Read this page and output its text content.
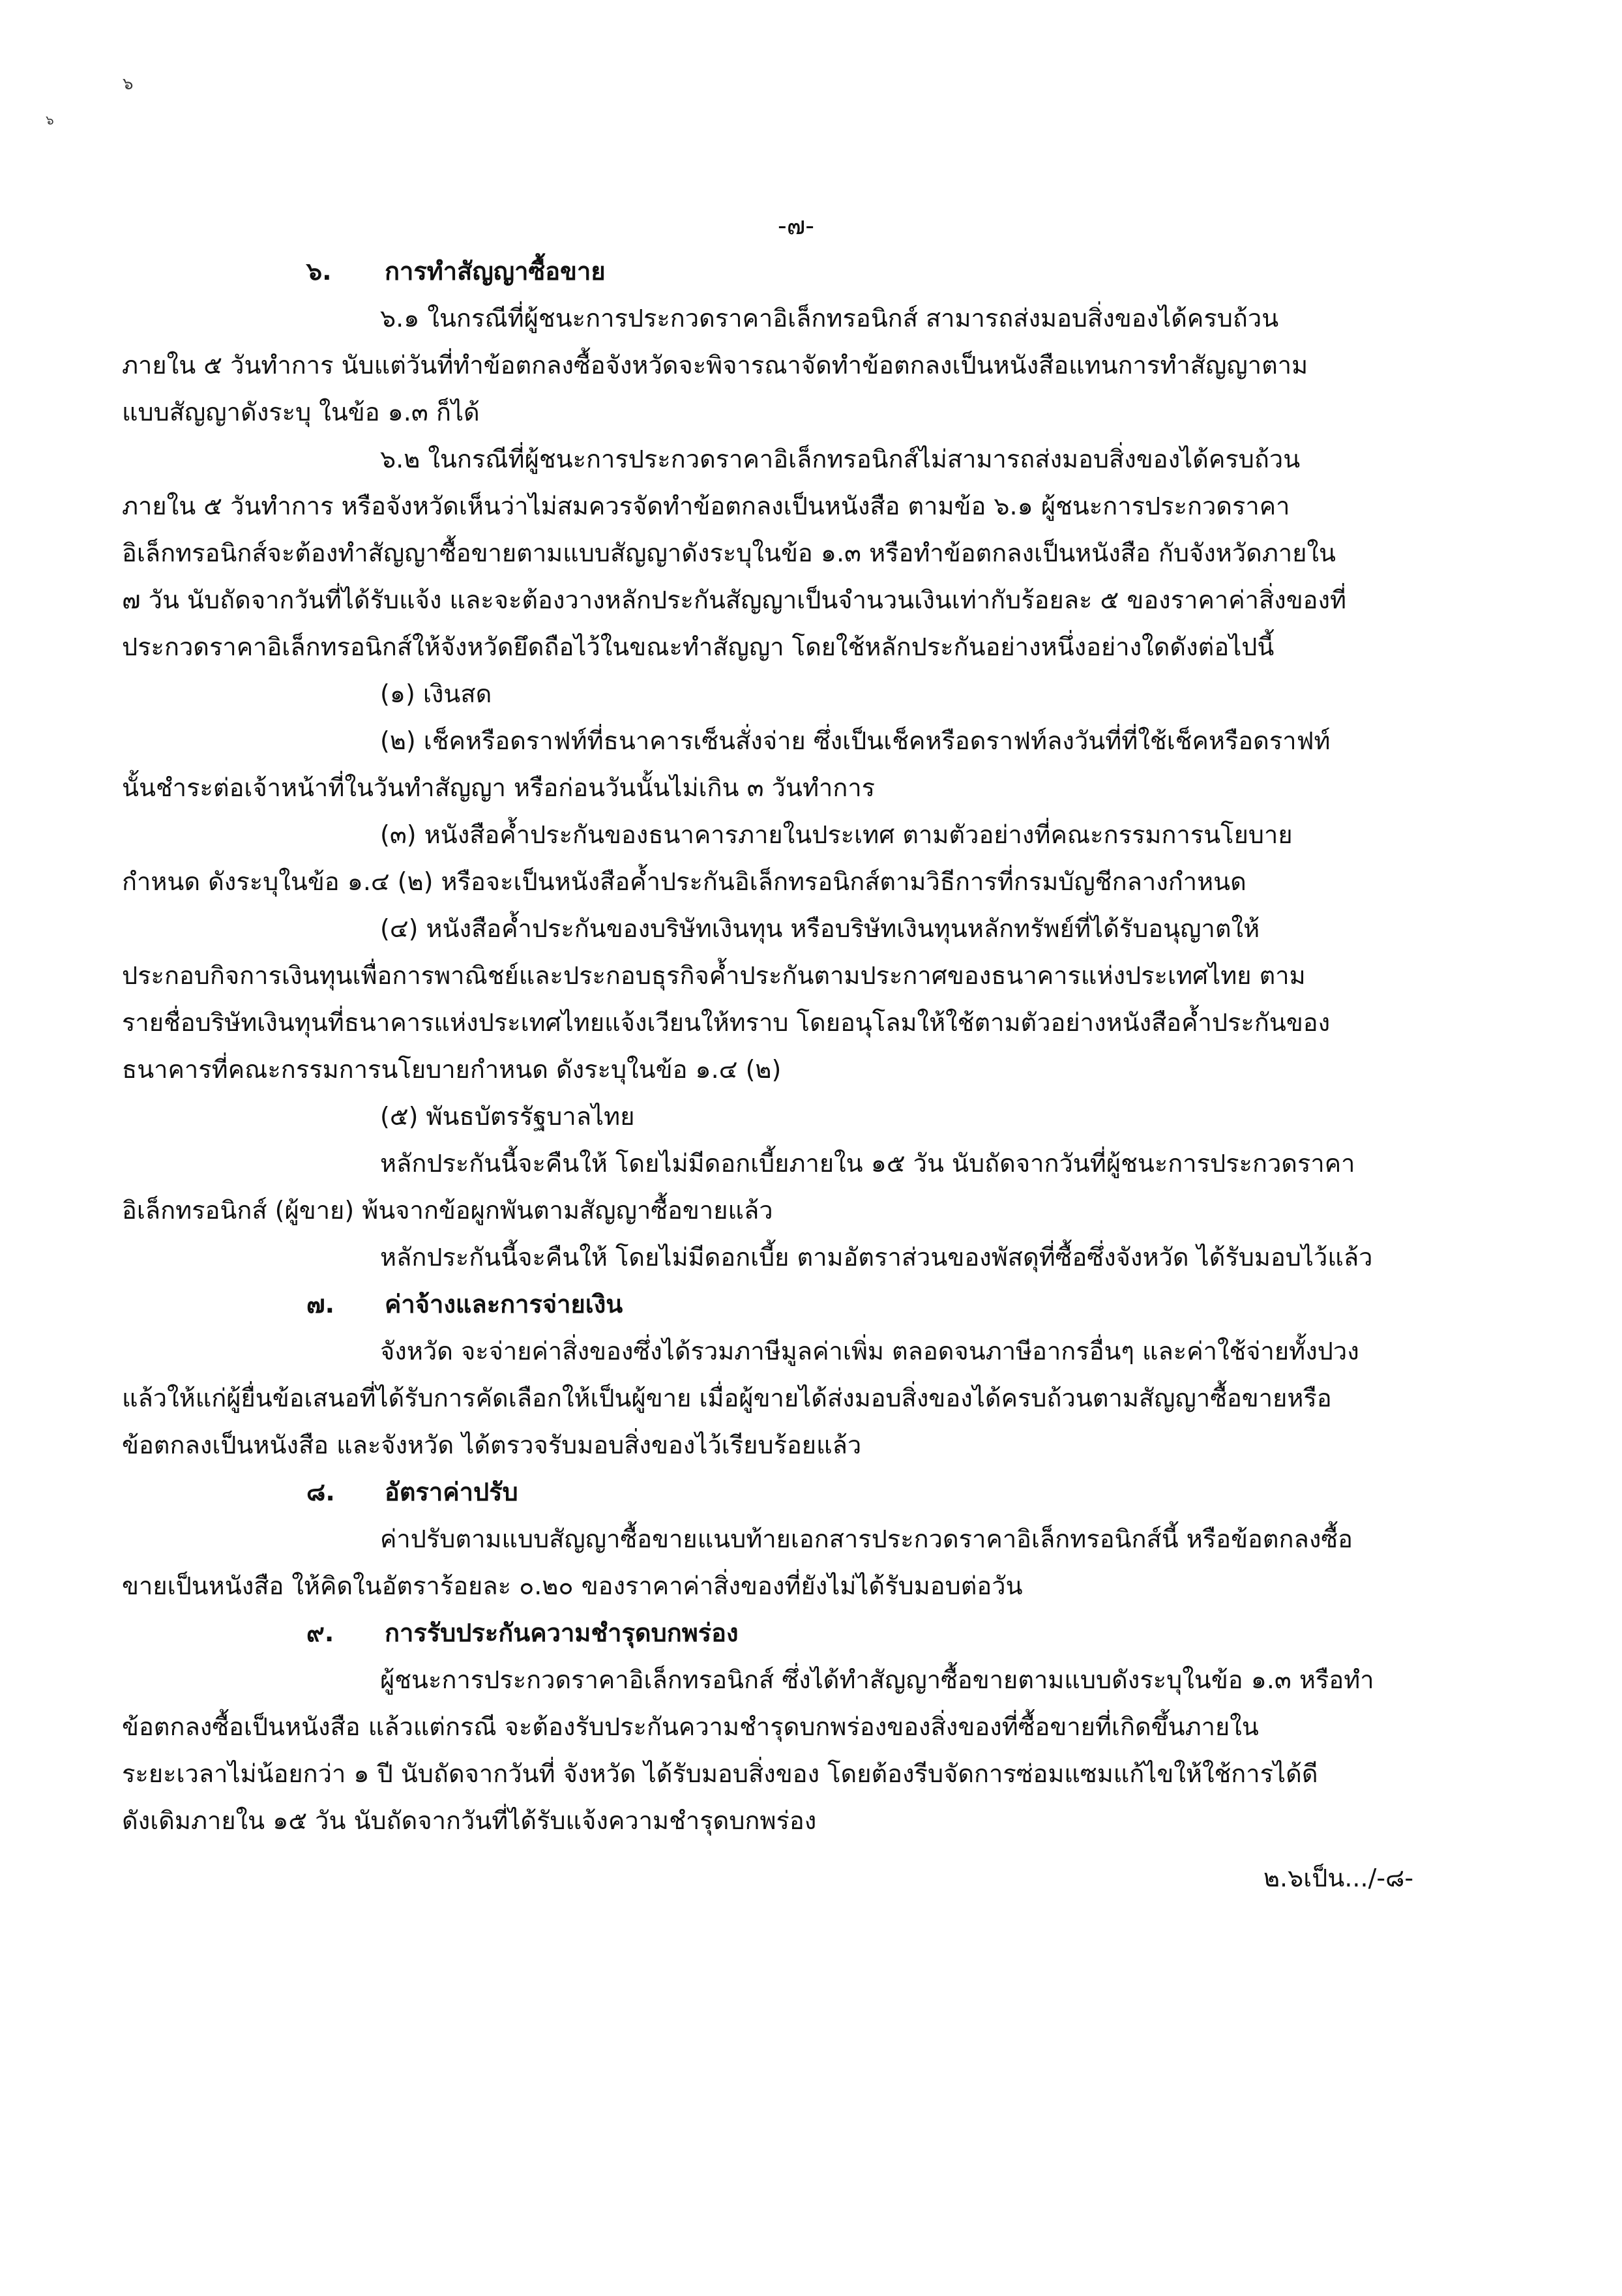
๖
๖
-๗-
๖. การทำสัญญาซื้อขาย
๖.๑ ในกรณีที่ผู้ชนะการประกวดราคาอิเล็กทรอนิกส์ สามารถส่งมอบสิ่งของได้ครบถ้วน
ภายใน ๕ วันทำการ นับแต่วันที่ทำข้อตกลงซื้อจังหวัดจะพิจารณาจัดทำข้อตกลงเป็นหนังสือแทนการทำสัญญาตาม
แบบสัญญาดังระบุ ในข้อ ๑.๓ ก็ได้
๖.๒ ในกรณีที่ผู้ชนะการประกวดราคาอิเล็กทรอนิกส์ไม่สามารถส่งมอบสิ่งของได้ครบถ้วน
ภายใน ๕ วันทำการ หรือจังหวัดเห็นว่าไม่สมควรจัดทำข้อตกลงเป็นหนังสือ ตามข้อ ๖.๑ ผู้ชนะการประกวดราคา
อิเล็กทรอนิกส์จะต้องทำสัญญาซื้อขายตามแบบสัญญาดังระบุในข้อ ๑.๓ หรือทำข้อตกลงเป็นหนังสือ กับจังหวัดภายใน
๗ วัน นับถัดจากวันที่ได้รับแจ้ง และจะต้องวางหลักประกันสัญญาเป็นจำนวนเงินเท่ากับร้อยละ ๕ ของราคาค่าสิ่งของที่
ประกวดราคาอิเล็กทรอนิกส์ให้จังหวัดยึดถือไว้ในขณะทำสัญญา โดยใช้หลักประกันอย่างหนึ่งอย่างใดดังต่อไปนี้
(๑) เงินสด
(๒) เช็คหรือดราฟท์ที่ธนาคารเซ็นสั่งจ่าย ซึ่งเป็นเช็คหรือดราฟท์ลงวันที่ที่ใช้เช็คหรือดราฟท์
นั้นชำระต่อเจ้าหน้าที่ในวันทำสัญญา หรือก่อนวันนั้นไม่เกิน ๓ วันทำการ
(๓) หนังสือค้ำประกันของธนาคารภายในประเทศ ตามตัวอย่างที่คณะกรรมการนโยบาย
กำหนด ดังระบุในข้อ ๑.๔ (๒) หรือจะเป็นหนังสือค้ำประกันอิเล็กทรอนิกส์ตามวิธีการที่กรมบัญชีกลางกำหนด
(๔) หนังสือค้ำประกันของบริษัทเงินทุน หรือบริษัทเงินทุนหลักทรัพย์ที่ได้รับอนุญาตให้
ประกอบกิจการเงินทุนเพื่อการพาณิชย์และประกอบธุรกิจค้ำประกันตามประกาศของธนาคารแห่งประเทศไทย ตาม
รายชื่อบริษัทเงินทุนที่ธนาคารแห่งประเทศไทยแจ้งเวียนให้ทราบ โดยอนุโลมให้ใช้ตามตัวอย่างหนังสือค้ำประกันของ
ธนาคารที่คณะกรรมการนโยบายกำหนด ดังระบุในข้อ ๑.๔ (๒)
(๕) พันธบัตรรัฐบาลไทย
หลักประกันนี้จะคืนให้ โดยไม่มีดอกเบี้ยภายใน ๑๕ วัน นับถัดจากวันที่ผู้ชนะการประกวดราคา
อิเล็กทรอนิกส์ (ผู้ขาย) พ้นจากข้อผูกพันตามสัญญาซื้อขายแล้ว
หลักประกันนี้จะคืนให้ โดยไม่มีดอกเบี้ย ตามอัตราส่วนของพัสดุที่ซื้อซึ่งจังหวัด ได้รับมอบไว้แล้ว
๗. ค่าจ้างและการจ่ายเงิน
จังหวัด จะจ่ายค่าสิ่งของซึ่งได้รวมภาษีมูลค่าเพิ่ม ตลอดจนภาษีอากรอื่นๆ และค่าใช้จ่ายทั้งปวง
แล้วให้แก่ผู้ยื่นข้อเสนอที่ได้รับการคัดเลือกให้เป็นผู้ขาย เมื่อผู้ขายได้ส่งมอบสิ่งของได้ครบถ้วนตามสัญญาซื้อขายหรือ
ข้อตกลงเป็นหนังสือ และจังหวัด ได้ตรวจรับมอบสิ่งของไว้เรียบร้อยแล้ว
๘. อัตราค่าปรับ
ค่าปรับตามแบบสัญญาซื้อขายแนบท้ายเอกสารประกวดราคาอิเล็กทรอนิกส์นี้ หรือข้อตกลงซื้อ
ขายเป็นหนังสือ ให้คิดในอัตราร้อยละ ๐.๒๐ ของราคาค่าสิ่งของที่ยังไม่ได้รับมอบต่อวัน
๙. การรับประกันความชำรุดบกพร่อง
ผู้ชนะการประกวดราคาอิเล็กทรอนิกส์ ซึ่งได้ทำสัญญาซื้อขายตามแบบดังระบุในข้อ ๑.๓ หรือทำ
ข้อตกลงซื้อเป็นหนังสือ แล้วแต่กรณี จะต้องรับประกันความชำรุดบกพร่องของสิ่งของที่ซื้อขายที่เกิดขึ้นภายใน
ระยะเวลาไม่น้อยกว่า ๑ ปี นับถัดจากวันที่ จังหวัด ได้รับมอบสิ่งของ โดยต้องรีบจัดการซ่อมแซมแก้ไขให้ใช้การได้ดี
ดังเดิมภายใน ๑๕ วัน นับถัดจากวันที่ได้รับแจ้งความชำรุดบกพร่อง
๒.๖เป็น.../-๘-
